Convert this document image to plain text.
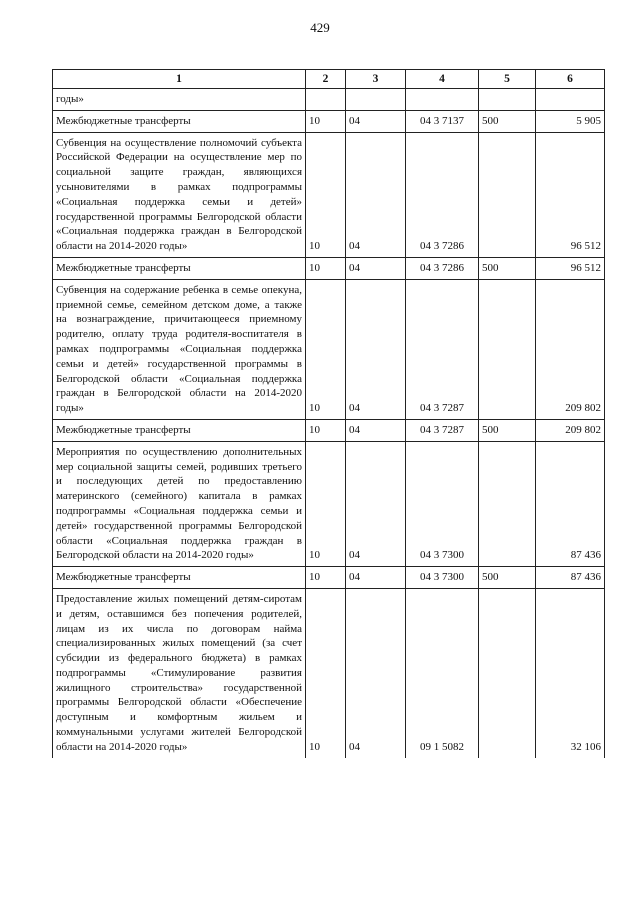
429
1	2	3	4	5	6
годы»					
Межбюджетные трансферты	10	04	04 3 7137	500	5 905
Субвенция на осуществление полномочий субъекта Российской Федерации на осуществление мер по социальной защите граждан, являющихся усыновителями в рамках подпрограммы «Социальная поддержка семьи и детей» государственной программы Белгородской области «Социальная поддержка граждан в Белгородской области на 2014-2020 годы»	10	04	04 3 7286		96 512
Межбюджетные трансферты	10	04	04 3 7286	500	96 512
Субвенция на содержание ребенка в семье опекуна, приемной семье, семейном детском доме, а также на вознаграждение, причитающееся приемному родителю, оплату труда родителя-воспитателя в рамках подпрограммы «Социальная поддержка семьи и детей» государственной программы в Белгородской области «Социальная поддержка граждан в Белгородской области на 2014-2020 годы»	10	04	04 3 7287		209 802
Межбюджетные трансферты	10	04	04 3 7287	500	209 802
Мероприятия по осуществлению дополнительных мер социальной защиты семей, родивших третьего и последующих детей по предоставлению материнского (семейного) капитала в рамках подпрограммы «Социальная поддержка семьи и детей» государственной программы Белгородской области «Социальная поддержка граждан в Белгородской области на 2014-2020 годы»	10	04	04 3 7300		87 436
Межбюджетные трансферты	10	04	04 3 7300	500	87 436
Предоставление жилых помещений детям-сиротам и детям, оставшимся без попечения родителей, лицам из их числа по договорам найма специализированных жилых помещений (за счет субсидии из федерального бюджета) в рамках подпрограммы «Стимулирование развития жилищного строительства» государственной программы Белгородской области «Обеспечение доступным и комфортным жильем и коммунальными услугами жителей Белгородской области на 2014-2020 годы»	10	04	09 1 5082		32 106
